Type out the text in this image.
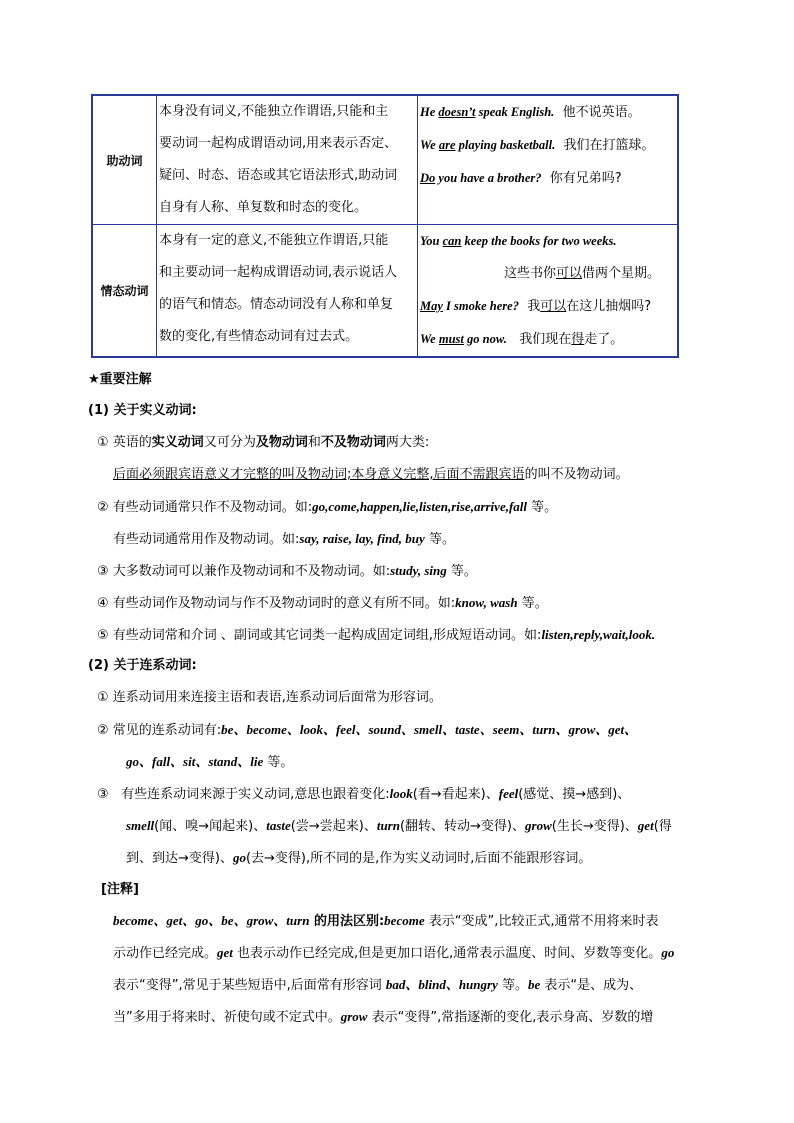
助动词	本身没有词义,不能独立作谓语,只能和主
要动词一起构成谓语动词,用来表示否定、
疑问、时态、语态或其它语法形式,助动词
自身有人称、单复数和时态的变化。	He doesn’t speak English. 他不说英语。
We are playing basketball. 我们在打篮球。
Do you have a brother? 你有兄弟吗?

情态动词	本身有一定的意义,不能独立作谓语,只能
和主要动词一起构成谓语动词,表示说话人
的语气和情态。情态动词没有人称和单复
数的变化,有些情态动词有过去式。	You can keep the books for two weeks.
这些书你可以借两个星期。
May I smoke here? 我可以在这儿抽烟吗?
We must go now. 我们现在得走了。
★重要注解
(1) 关于实义动词:
① 英语的实义动词又可分为及物动词和不及物动词两大类:
后面必须跟宾语意义才完整的叫及物动词;本身意义完整,后面不需跟宾语的叫不及物动词。
② 有些动词通常只作不及物动词。如:go,come,happen,lie,listen,rise,arrive,fall 等。
有些动词通常用作及物动词。如:say, raise, lay, find, buy 等。
③ 大多数动词可以兼作及物动词和不及物动词。如:study, sing 等。
④ 有些动词作及物动词与作不及物动词时的意义有所不同。如:know, wash 等。
⑤ 有些动词常和介词 、副词或其它词类一起构成固定词组,形成短语动词。如:listen,reply,wait,look.
(2) 关于连系动词:
① 连系动词用来连接主语和表语,连系动词后面常为形容词。
② 常见的连系动词有:be、become、look、feel、sound、smell、taste、seem、turn、grow、get、
go、fall、sit、stand、lie 等。
③   有些连系动词来源于实义动词,意思也跟着变化:look(看→看起来)、feel(感觉、摸→感到)、
smell(闻、嗅→闻起来)、taste(尝→尝起来)、turn(翻转、转动→变得)、grow(生长→变得)、get(得
到、到达→变得)、go(去→变得),所不同的是,作为实义动词时,后面不能跟形容词。
[注释]
become、get、go、be、grow、turn 的用法区别:become 表示“变成”,比较正式,通常不用将来时表
示动作已经完成。get 也表示动作已经完成,但是更加口语化,通常表示温度、时间、岁数等变化。go
表示“变得”,常见于某些短语中,后面常有形容词 bad、blind、hungry 等。be 表示“是、成为、
当”多用于将来时、祈使句或不定式中。grow 表示“变得”,常指逐渐的变化,表示身高、岁数的增
